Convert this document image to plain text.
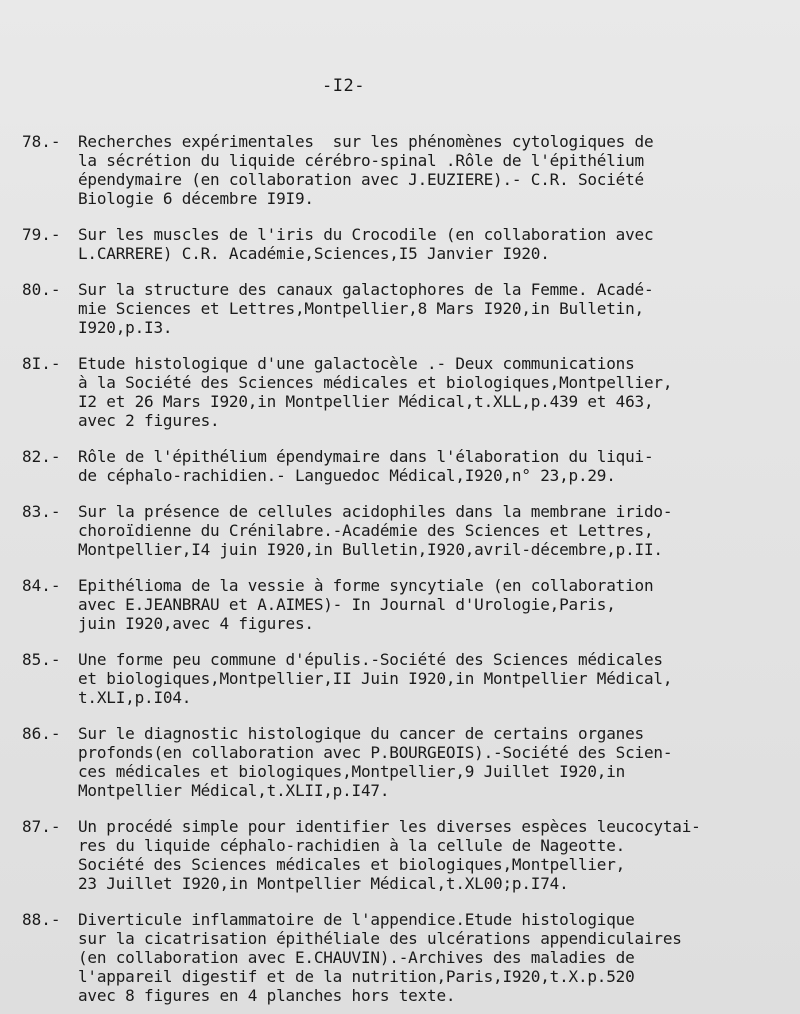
-I2-
78.-	Recherches expérimentales  sur les phénomènes cytologiques de
la sécrétion du liquide cérébro-spinal .Rôle de l'épithélium
épendymaire (en collaboration avec J.EUZIERE).- C.R. Société
Biologie 6 décembre I9I9.
79.-	Sur les muscles de l'iris du Crocodile (en collaboration avec
L.CARRERE) C.R. Académie,Sciences,I5 Janvier I920.
80.-	Sur la structure des canaux galactophores de la Femme. Acadé-
mie Sciences et Lettres,Montpellier,8 Mars I920,in Bulletin,
I920,p.I3.
8I.-	Etude histologique d'une galactocèle .- Deux communications
à la Société des Sciences médicales et biologiques,Montpellier,
I2 et 26 Mars I920,in Montpellier Médical,t.XLL,p.439 et 463,
avec 2 figures.
82.-	Rôle de l'épithélium épendymaire dans l'élaboration du liqui-
de céphalo-rachidien.- Languedoc Médical,I920,n° 23,p.29.
83.-	Sur la présence de cellules acidophiles dans la membrane irido-
choroïdienne du Crénilabre.-Académie des Sciences et Lettres,
Montpellier,I4 juin I920,in Bulletin,I920,avril-décembre,p.II.
84.-	Epithélioma de la vessie à forme syncytiale (en collaboration
avec E.JEANBRAU et A.AIMES)- In Journal d'Urologie,Paris,
juin I920,avec 4 figures.
85.-	Une forme peu commune d'épulis.-Société des Sciences médicales
et biologiques,Montpellier,II Juin I920,in Montpellier Médical,
t.XLI,p.I04.
86.-	Sur le diagnostic histologique du cancer de certains organes
profonds(en collaboration avec P.BOURGEOIS).-Société des Scien-
ces médicales et biologiques,Montpellier,9 Juillet I920,in
Montpellier Médical,t.XLII,p.I47.
87.-	Un procédé simple pour identifier les diverses espèces leucocytai-
res du liquide céphalo-rachidien à la cellule de Nageotte.
Société des Sciences médicales et biologiques,Montpellier,
23 Juillet I920,in Montpellier Médical,t.XL00;p.I74.
88.-	Diverticule inflammatoire de l'appendice.Etude histologique
sur la cicatrisation épithéliale des ulcérations appendiculaires
(en collaboration avec E.CHAUVIN).-Archives des maladies de
l'appareil digestif et de la nutrition,Paris,I920,t.X.p.520
avec 8 figures en 4 planches hors texte.
